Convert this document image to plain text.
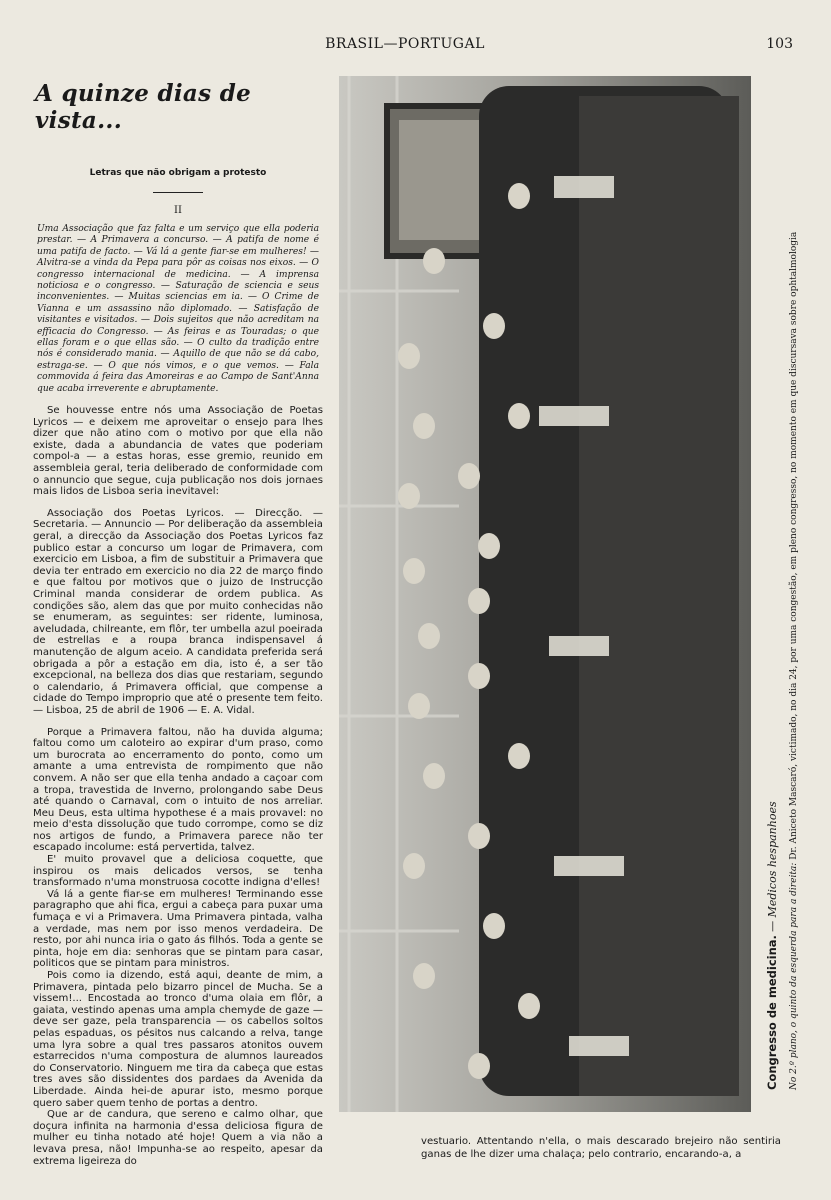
BRASIL—PORTUGAL	103
A quinze dias de vista...
Letras que não obrigam a protesto
II

Uma Associação que faz falta e um serviço que ella poderia prestar. — A Primavera a concurso. — A patifa de nome é uma patifa de facto. — Vá lá a gente fiar-se em mulheres! — Alvitra-se a vinda da Pepa para pôr as coisas nos eixos. — O congresso internacional de medicina. — A imprensa noticiosa e o congresso. — Saturação de sciencia e seus inconvenientes. — Muitas sciencias em ia. — O Crime de Vianna e um assassino não diplomado. — Satisfação de visitantes e visitados. — Dois sujeitos que não acreditam na efficacia do Congresso. — As feiras e as Touradas; o que ellas foram e o que ellas são. — O culto da tradição entre nós é considerado mania. — Aquillo de que não se dá cabo, estraga-se. — O que nós vimos, e o que vemos. — Fala commovida á feira das Amoreiras e ao Campo de Sant'Anna que acaba irreverente e abruptamente.

Se houvesse entre nós uma Associação de Poetas Lyricos — e deixem me aproveitar o ensejo para lhes dizer que não atino com o motivo por que ella não existe, dada a abundancia de vates que poderiam compol-a — a estas horas, esse gremio, reunido em assembleia geral, teria deliberado de conformidade com o annuncio que segue, cuja publicação nos dois jornaes mais lidos de Lisboa seria inevitavel:

Associação dos Poetas Lyricos. — Direcção. — Secretaria. — Annuncio — Por deliberação da assembleia geral, a direcção da Associação dos Poetas Lyricos faz publico estar a concurso um logar de Primavera, com exercicio em Lisboa, a fim de substituir a Primavera que devia ter entrado em exercicio no dia 22 de março findo e que faltou por motivos que o juizo de Instrucção Criminal manda considerar de ordem publica. As condições são, alem das que por muito conhecidas não se enumeram, as seguintes: ser ridente, luminosa, aveludada, chilreante, em flôr, ter umbella azul poeirada de estrellas e a roupa branca indispensavel á manutenção de algum aceio. A candidata preferida será obrigada a pôr a estação em dia, isto é, a ser tão excepcional, na belleza dos dias que restariam, segundo o calendario, á Primavera official, que compense a cidade do Tempo improprio que até o presente tem feito. — Lisboa, 25 de abril de 1906 — E. A. Vidal.

Porque a Primavera faltou, não ha duvida alguma; faltou como um caloteiro ao expirar d'um praso, como um burocrata ao encerramento do ponto, como um amante a uma entrevista de rompimento que não convem. A não ser que ella tenha andado a caçoar com a tropa, travestida de Inverno, prolongando sabe Deus até quando o Carnaval, com o intuito de nos arreliar. Meu Deus, esta ultima hypothese é a mais provavel: no meio d'esta dissolução que tudo corrompe, como se diz nos artigos de fundo, a Primavera parece não ter escapado incolume: está pervertida, talvez.

E' muito provavel que a deliciosa coquette, que inspirou os mais delicados versos, se tenha transformado n'uma monstruosa cocotte indigna d'elles!

Vá lá a gente fiar-se em mulheres! Terminando esse paragrapho que ahi fica, ergui a cabeça para puxar uma fumaça e vi a Primavera. Uma Primavera pintada, valha a verdade, mas nem por isso menos verdadeira. De resto, por ahi nunca iria o gato ás filhós. Toda a gente se pinta, hoje em dia: senhoras que se pintam para casar, politicos que se pintam para ministros.

Pois como ia dizendo, está aqui, deante de mim, a Primavera, pintada pelo bizarro pincel de Mucha. Se a vissem!... Encostada ao tronco d'uma olaia em flôr, a gaiata, vestindo apenas uma ampla chemyde de gaze — deve ser gaze, pela transparencia — os cabellos soltos pelas espaduas, os pésitos nus calcando a relva, tange uma lyra sobre a qual tres passaros atonitos ouvem estarrecidos n'uma compostura de alumnos laureados do Conservatorio. Ninguem me tira da cabeça que estas tres aves são dissidentes dos pardaes da Avenida da Liberdade. Ainda hei-de apurar isto, mesmo porque quero saber quem tenho de portas a dentro.

Que ar de candura, que sereno e calmo olhar, que doçura infinita na harmonia d'essa deliciosa figura de mulher eu tinha notado até hoje! Quem a via não a levava presa, não! Impunha-se ao respeito, apesar da extrema ligeireza do

Congresso de medicina. — Medicos hespanhoes No 2.º plano, o quinto da esquerda para a direita: Dr. Aniceto Mascaró, victimado, no dia 24, por uma congestão, em pleno congresso, no momento em que discursava sobre ophtalmologia
vestuario. Attentando n'ella, o mais descarado brejeiro não sentiria ganas de lhe dizer uma chalaça; pelo contrario, encarando-a, a
